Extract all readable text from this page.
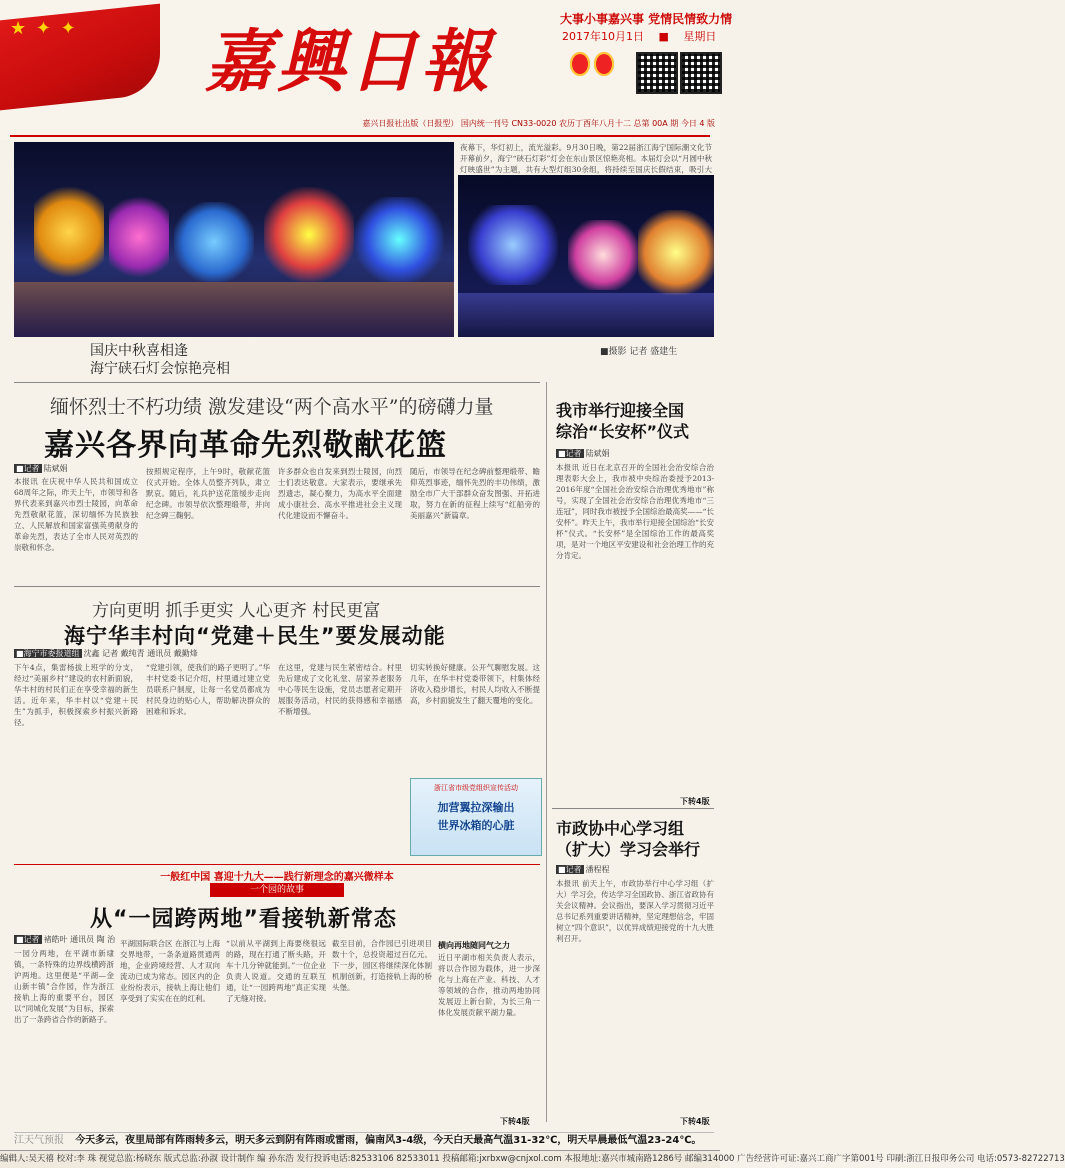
★ ✦ ✦ 嘉興日報
大事小事嘉兴事 党情民情致力情
2017年10月1日 　■　 星期日
嘉兴日报社出版（日报型） 国内统一刊号 CN33-0020 农历丁酉年八月十二 总第 00A 期 今日 4 版
夜幕下，华灯初上，流光溢彩。9月30日晚，第22届浙江海宁国际潮文化节开幕前夕，海宁“硖石灯彩”灯会在东山景区惊艳亮相。本届灯会以“月圆中秋 灯映盛世”为主题，共有大型灯组30余组，将持续至国庆长假结束，吸引大
国庆中秋喜相逢
海宁硖石灯会惊艳亮相
■摄影 记者 盛建生
缅怀烈士不朽功绩 激发建设“两个高水平”的磅礴力量
嘉兴各界向革命先烈敬献花篮
■记者 陆斌娟
本报讯 在庆祝中华人民共和国成立68周年之际，昨天上午，市领导和各界代表来到嘉兴市烈士陵园，向革命先烈敬献花篮，深切缅怀为民族独立、人民解放和国家富强英勇献身的革命先烈，表达了全市人民对英烈的崇敬和怀念。
按照规定程序，上午9时，敬献花篮仪式开始。全体人员整齐列队，肃立默哀。随后，礼兵护送花篮缓步走向纪念碑。市领导依次整理缎带，并向纪念碑三鞠躬。
许多群众也自发来到烈士陵园，向烈士们表达敬意。大家表示，要继承先烈遗志，凝心聚力，为高水平全面建成小康社会、高水平推进社会主义现代化建设而不懈奋斗。
随后，市领导在纪念碑前整理缎带、瞻仰英烈事迹，缅怀先烈的丰功伟绩，激励全市广大干部群众奋发图强、开拓进取，努力在新的征程上续写“红船旁的美丽嘉兴”新篇章。
方向更明 抓手更实 人心更齐 村民更富
海宁华丰村向“党建＋民生”要发展动能
■海宁市委报道组 沈鑫 记者 戴纯青 通讯员 戴勤烽
下午4点，集雷杨拔上班学的分支，经过“美丽乡村”建设的农村新面貌，华丰村的村民们正在享受幸福的新生活。近年来，华丰村以“党建＋民生”为抓手，积极探索乡村振兴新路径。
“党建引领，使我们的路子更明了。”华丰村党委书记介绍，村里通过建立党员联系户制度，让每一名党员都成为村民身边的贴心人，帮助解决群众的困难和诉求。
在这里，党建与民生紧密结合。村里先后建成了文化礼堂、居家养老服务中心等民生设施，党员志愿者定期开展服务活动，村民的获得感和幸福感不断增强。
切实转换好健康。公开气聊慰发展。这几年，在华丰村党委带领下，村集体经济收入稳步增长，村民人均收入不断提高，乡村面貌发生了翻天覆地的变化。
浙江省市级党组织宣传活动
加营翼拉深输出
世界冰箱的心脏
一般红中国 喜迎十九大——践行新理念的嘉兴微样本
一个园的故事
从“一园跨两地”看接轨新常态
■记者 褚皓叶 通讯员 陶 治
一园分两地，在平湖市新埭镇，一条特殊的边界线横跨浙沪两地。这里便是“平湖—金山新丰镇”合作园，作为浙江接轨上海的重要平台，园区以“同城化发展”为目标，探索出了一条跨省合作的新路子。
平湖国际联合区 在浙江与上海交界地带，一条条道路贯通两地，企业跨境经营、人才双向流动已成为常态。园区内的企业纷纷表示，接轨上海让他们享受到了实实在在的红利。
“以前从平湖到上海要绕很远的路，现在打通了断头路，开车十几分钟就能到。”一位企业负责人说道。交通的互联互通，让“一园跨两地”真正实现了无缝对接。
截至目前，合作园已引进项目数十个，总投资超过百亿元。下一步，园区将继续深化体制机制创新，打造接轨上海的桥头堡。
横向再地随同气之力
近日平湖市相关负责人表示，将以合作园为载体，进一步深化与上海在产业、科技、人才等领域的合作，推动两地协同发展迈上新台阶，为长三角一体化发展贡献平湖力量。
下转4版
我市举行迎接全国
综治“长安杯”仪式
■记者 陆斌娟
本报讯 近日在北京召开的全国社会治安综合治理表彰大会上，我市被中央综治委授予2013-2016年度“全国社会治安综合治理优秀地市”称号，实现了全国社会治安综合治理优秀地市“三连冠”，同时我市被授予全国综治最高奖——“长安杯”。昨天上午，我市举行迎接全国综治“长安杯”仪式。“长安杯”是全国综治工作的最高奖项，是对一个地区平安建设和社会治理工作的充分肯定。
下转4版
市政协中心学习组
（扩大）学习会举行
■记者 潘程程
本报讯 前天上午，市政协举行中心学习组（扩大）学习会，传达学习全国政协、浙江省政协有关会议精神。会议指出，要深入学习贯彻习近平总书记系列重要讲话精神，坚定理想信念，牢固树立“四个意识”，以优异成绩迎接党的十九大胜利召开。
下转4版
江天气预报 今天多云，夜里局部有阵雨转多云，明天多云到阴有阵雨或雷雨，偏南风3-4级，今天白天最高气温31-32℃，明天早晨最低气温23-24℃。
编辑人:吴天禧 校对:李 珠 视觉总监:杨晓东 版式总监:孙淑 设计制作 编 孙东浩 发行投诉电话:82533106 82533011 投稿邮箱:jxrbxw@cnjxol.com 本报地址:嘉兴市城南路1286号 邮编314000 广告经营许可证:嘉兴工商广字第001号 印刷:浙江日报印务公司 电话:0573-82722713
